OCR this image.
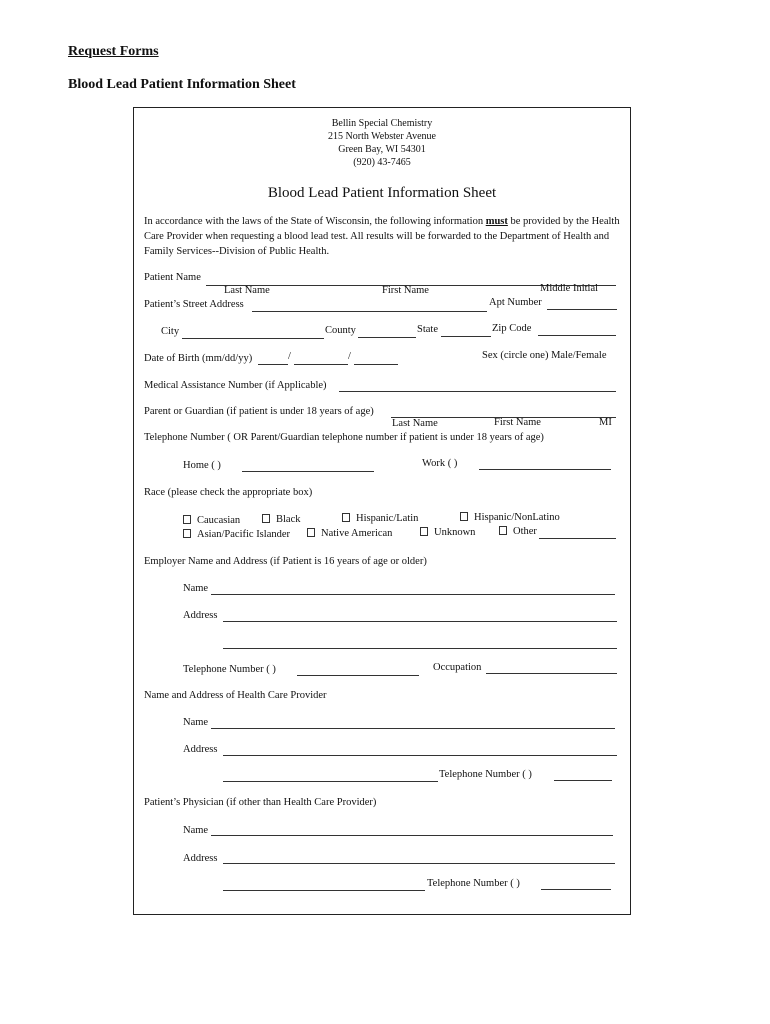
Request Forms
Blood Lead Patient Information Sheet
Bellin Special Chemistry
215 North Webster Avenue
Green Bay, WI 54301
(920) 43-7465
Blood Lead Patient Information Sheet
In accordance with the laws of the State of Wisconsin, the following information must be provided by the Health Care Provider when requesting a blood lead test. All results will be forwarded to the Department of Health and Family Services--Division of Public Health.
Patient Name
Last Name	First Name	Middle Initial
Patient’s Street Address	Apt Number
City	County	State	Zip Code
Date of Birth (mm/dd/yy)	/	/	Sex (circle one) Male/Female
Medical Assistance Number (if Applicable)
Parent or Guardian (if patient is under 18 years of age)
Last Name	First Name	MI
Telephone Number ( OR Parent/Guardian telephone number if patient is under 18 years of age)
Home ( )	Work ( )
Race (please check the appropriate box)
Caucasian	Black	Hispanic/Latin	Hispanic/NonLatino
Asian/Pacific Islander	Native American	Unknown	Other
Employer Name and Address (if Patient is 16 years of age or older)
Name
Address
Telephone Number ( )	Occupation
Name and Address of Health Care Provider
Name
Address
Telephone Number ( )
Patient’s Physician (if other than Health Care Provider)
Name
Address
Telephone Number ( )
